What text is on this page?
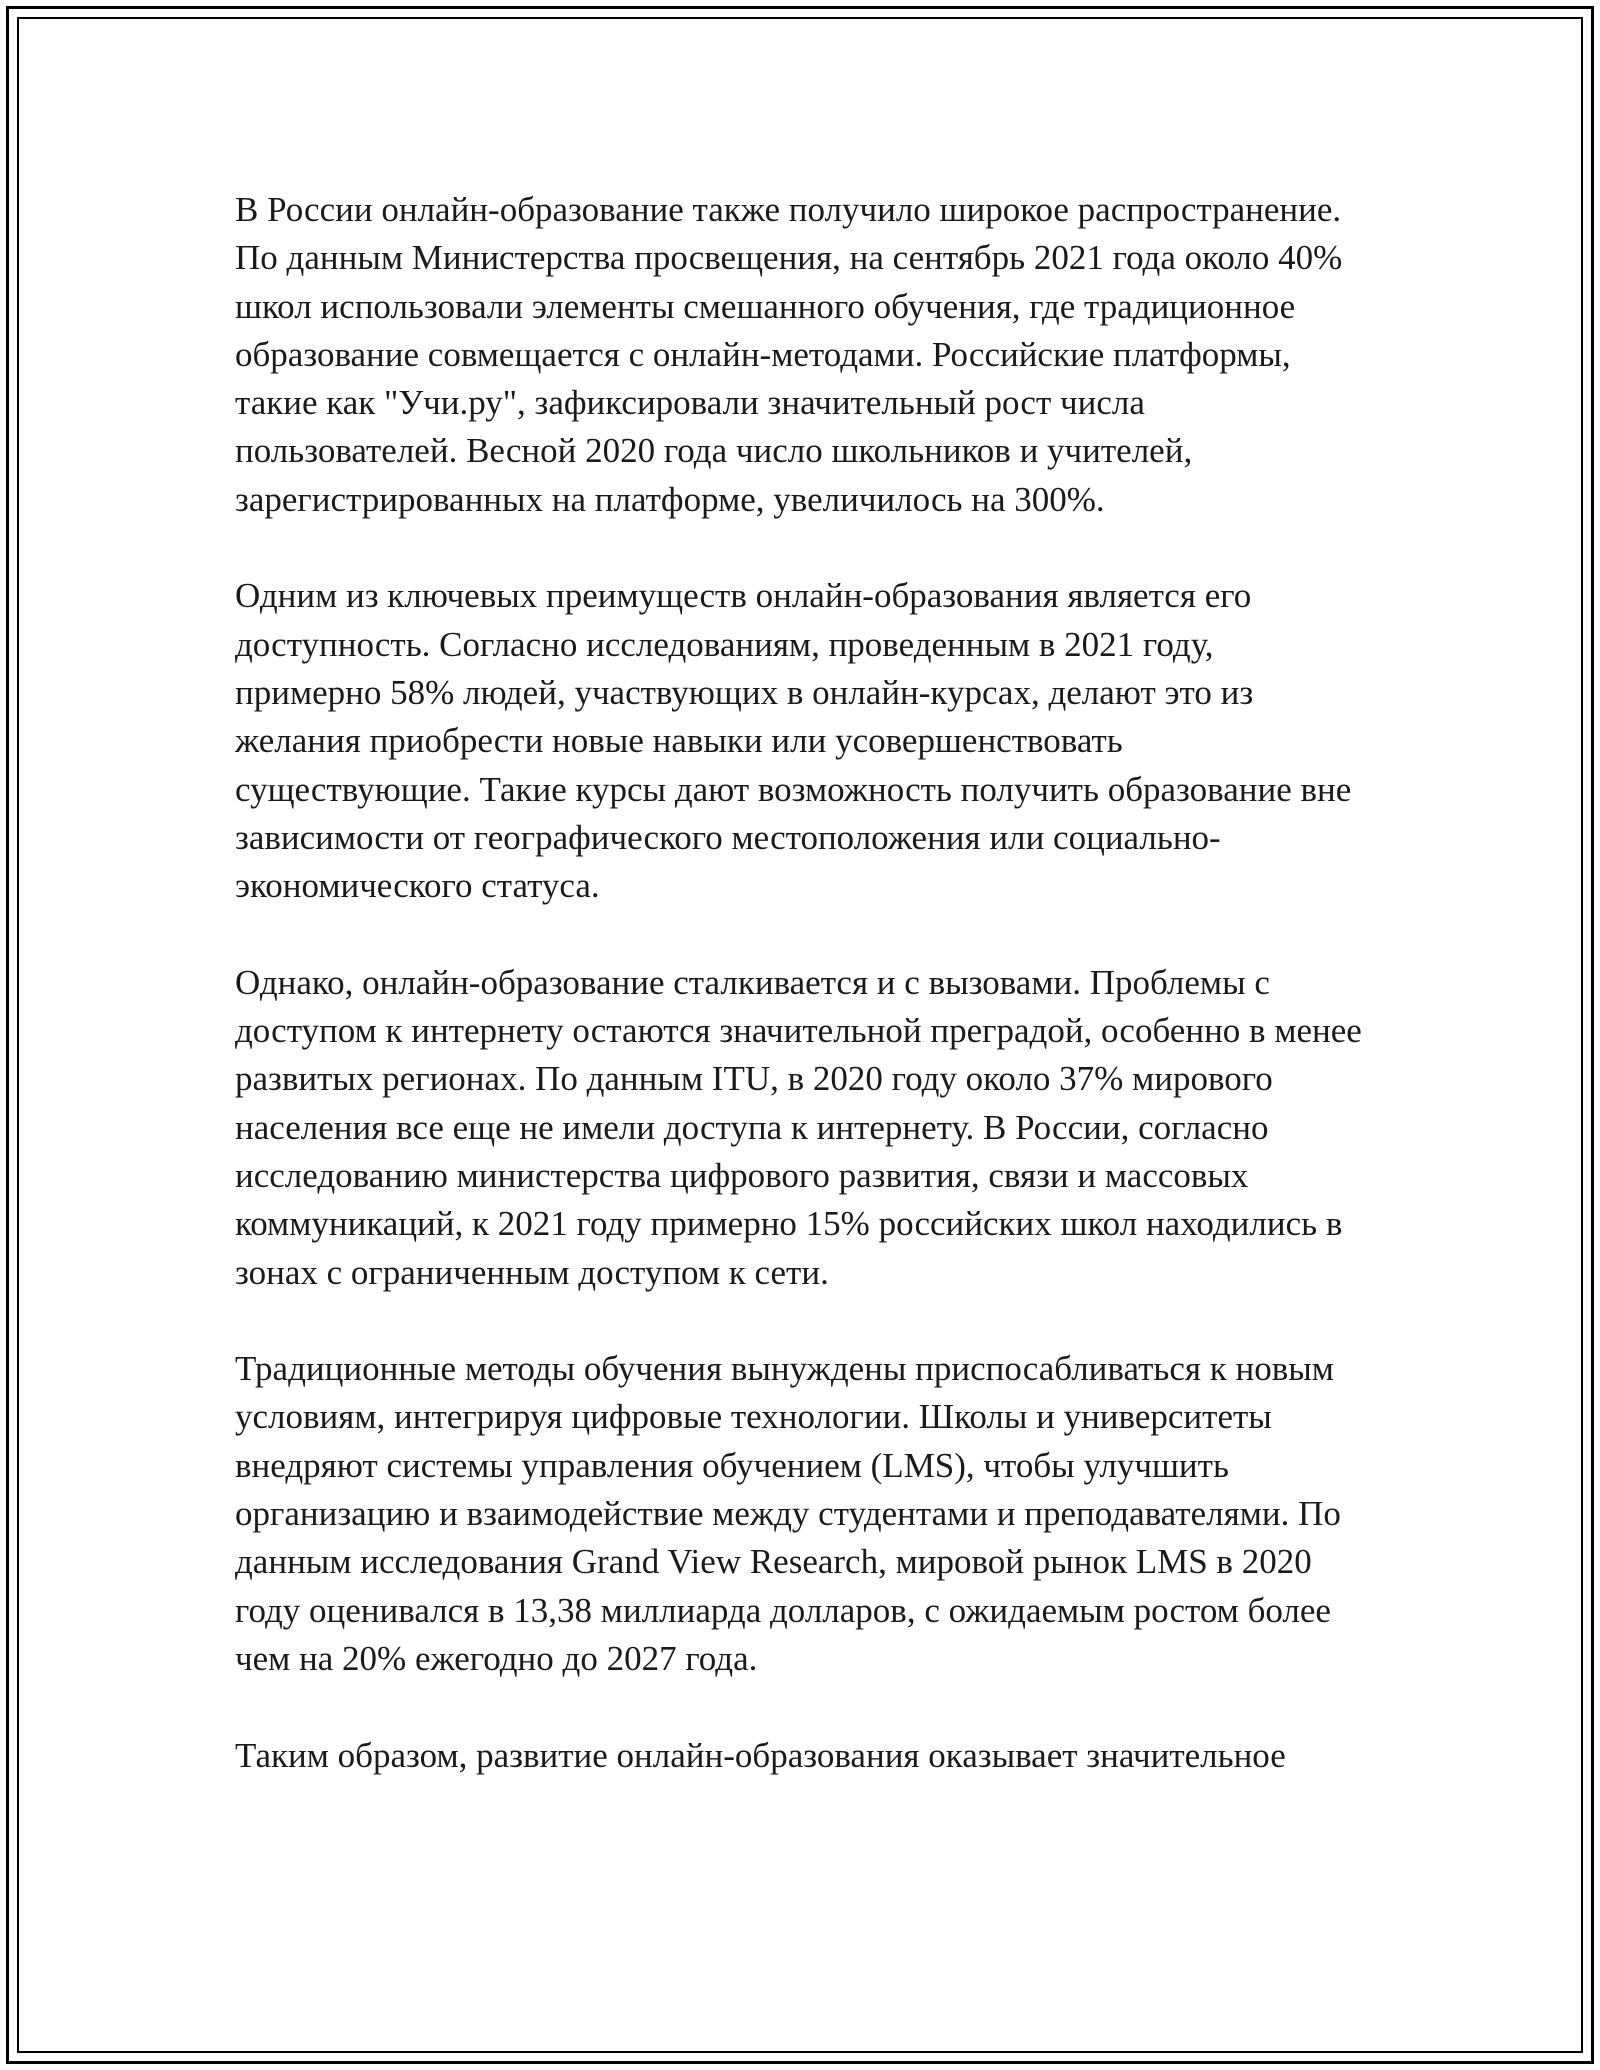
В России онлайн-образование также получило широкое распространение. По данным Министерства просвещения, на сентябрь 2021 года около 40% школ использовали элементы смешанного обучения, где традиционное образование совмещается с онлайн-методами. Российские платформы, такие как "Учи.ру", зафиксировали значительный рост числа пользователей. Весной 2020 года число школьников и учителей, зарегистрированных на платформе, увеличилось на 300%.

Одним из ключевых преимуществ онлайн-образования является его доступность. Согласно исследованиям, проведенным в 2021 году, примерно 58% людей, участвующих в онлайн-курсах, делают это из желания приобрести новые навыки или усовершенствовать существующие. Такие курсы дают возможность получить образование вне зависимости от географического местоположения или социально-экономического статуса.

Однако, онлайн-образование сталкивается и с вызовами. Проблемы с доступом к интернету остаются значительной преградой, особенно в менее развитых регионах. По данным ITU, в 2020 году около 37% мирового населения все еще не имели доступа к интернету. В России, согласно исследованию министерства цифрового развития, связи и массовых коммуникаций, к 2021 году примерно 15% российских школ находились в зонах с ограниченным доступом к сети.

Традиционные методы обучения вынуждены приспосабливаться к новым условиям, интегрируя цифровые технологии. Школы и университеты внедряют системы управления обучением (LMS), чтобы улучшить организацию и взаимодействие между студентами и преподавателями. По данным исследования Grand View Research, мировой рынок LMS в 2020 году оценивался в 13,38 миллиарда долларов, с ожидаемым ростом более чем на 20% ежегодно до 2027 года.

Таким образом, развитие онлайн-образования оказывает значительное
